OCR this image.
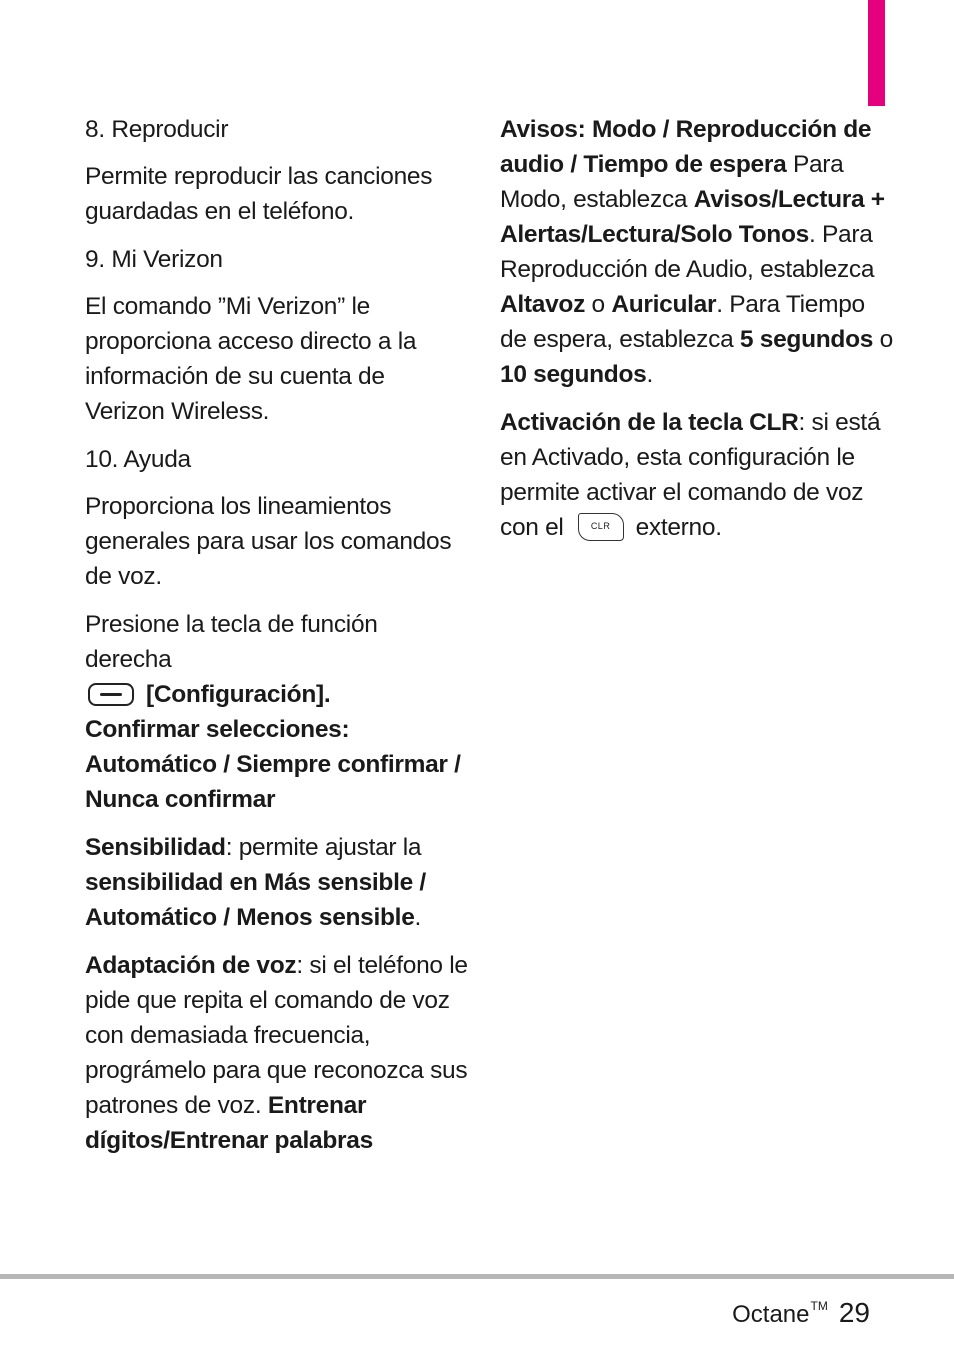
8. Reproducir

Permite reproducir las canciones guardadas en el teléfono.

9. Mi Verizon

El comando ”Mi Verizon” le proporciona acceso directo a la información de su cuenta de Verizon Wireless.

10. Ayuda

Proporciona los lineamientos generales para usar los comandos de voz.

Presione la tecla de función derecha
[Configuración].

Confirmar selecciones: Automático / Siempre confirmar / Nunca confirmar

Sensibilidad: permite ajustar la
sensibilidad en Más sensible / Automático / Menos sensible.

Adaptación de voz: si el teléfono le pide que repita el comando de voz con demasiada frecuencia, prográmelo para que reconozca sus patrones de voz. Entrenar dígitos/Entrenar palabras

Avisos: Modo / Reproducción de audio / Tiempo de espera Para Modo, establezca Avisos/Lectura + Alertas/Lectura/Solo Tonos. Para Reproducción de Audio, establezca Altavoz o Auricular. Para Tiempo de espera, establezca 5 segundos o 10 segundos.

Activación de la tecla CLR: si está en Activado, esta configuración le permite activar el comando de voz con el	CLR externo.

Octane™ 29
